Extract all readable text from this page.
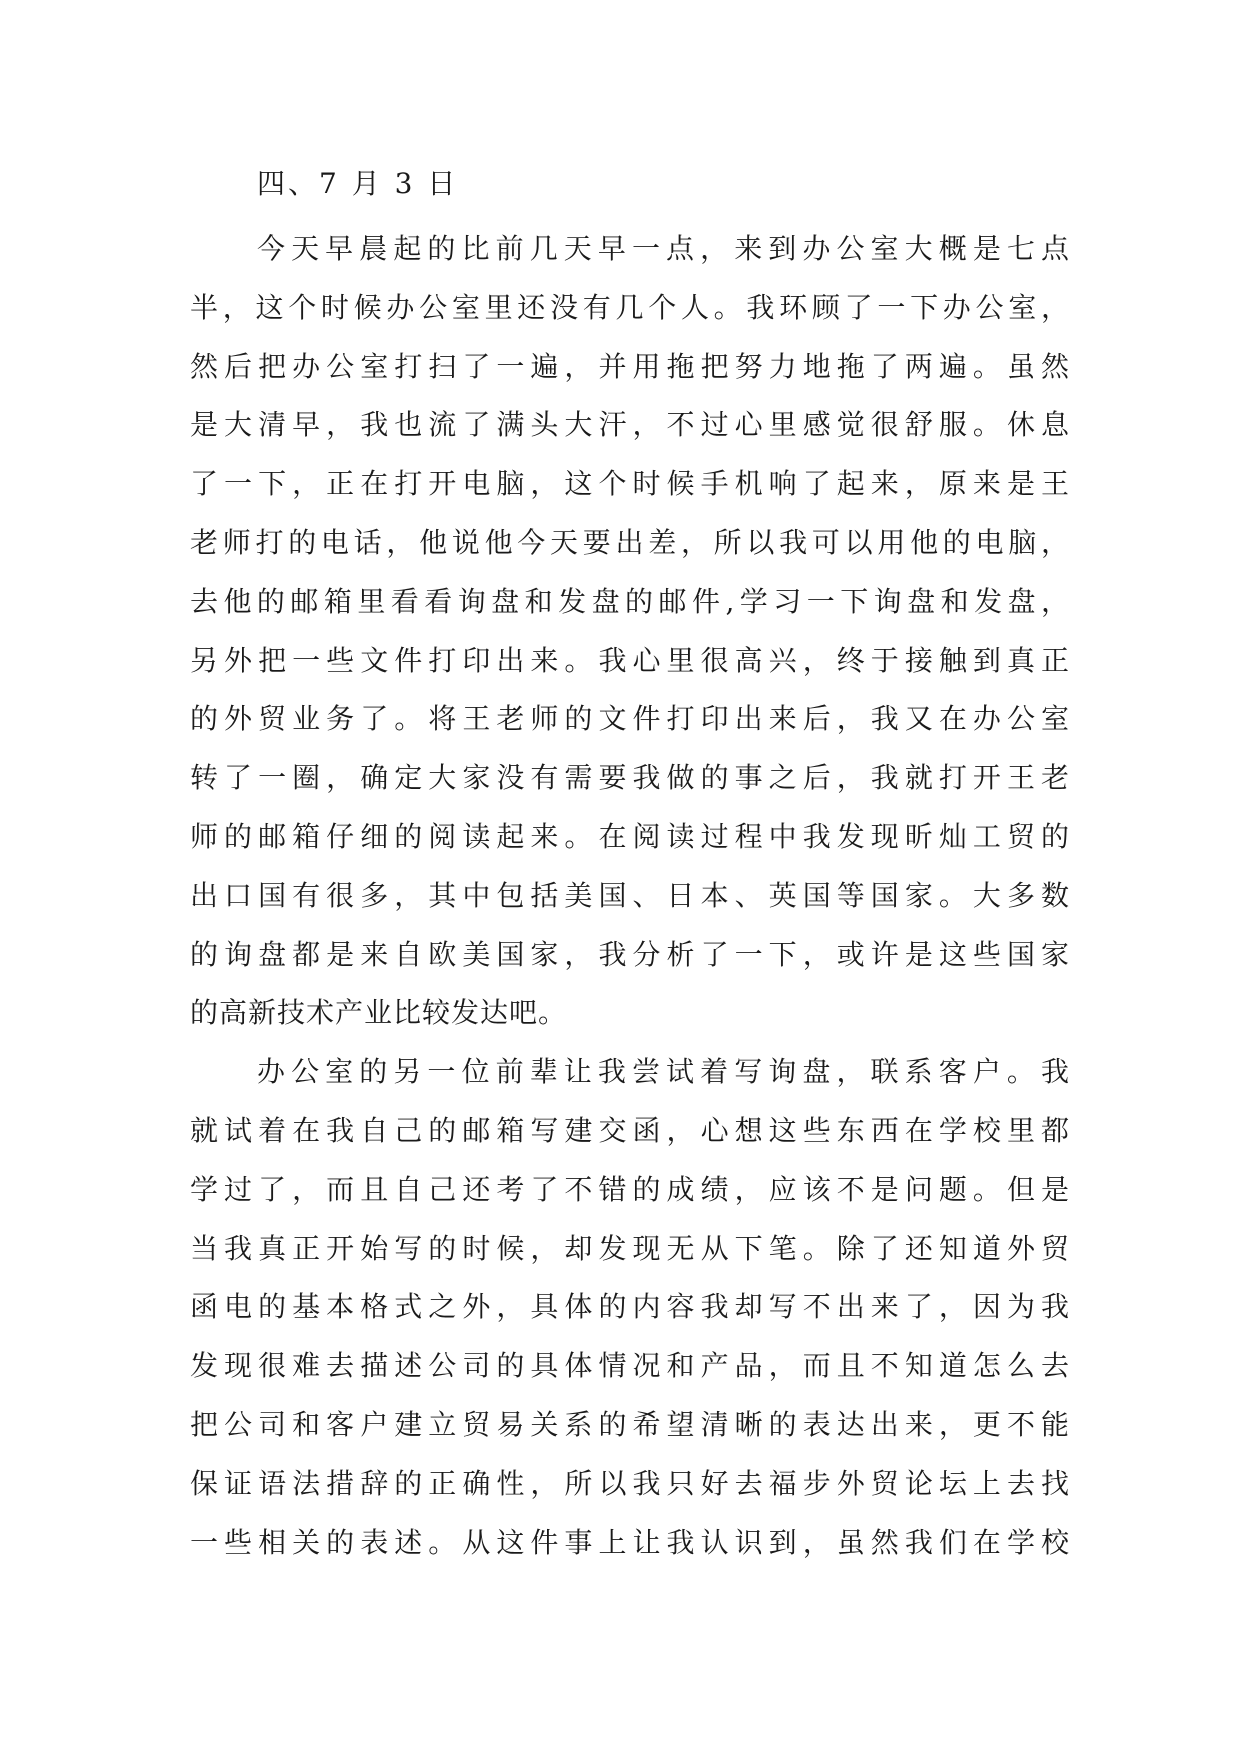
四、7 月 3 日
今天早晨起的比前几天早一点，来到办公室大概是七点
半，这个时候办公室里还没有几个人。我环顾了一下办公室，
然后把办公室打扫了一遍，并用拖把努力地拖了两遍。虽然
是大清早，我也流了满头大汗，不过心里感觉很舒服。休息
了一下，正在打开电脑，这个时候手机响了起来，原来是王
老师打的电话，他说他今天要出差，所以我可以用他的电脑，
去他的邮箱里看看询盘和发盘的邮件,学习一下询盘和发盘，
另外把一些文件打印出来。我心里很高兴，终于接触到真正
的外贸业务了。将王老师的文件打印出来后，我又在办公室
转了一圈，确定大家没有需要我做的事之后，我就打开王老
师的邮箱仔细的阅读起来。在阅读过程中我发现昕灿工贸的
出口国有很多，其中包括美国、日本、英国等国家。大多数
的询盘都是来自欧美国家，我分析了一下，或许是这些国家
的高新技术产业比较发达吧。
办公室的另一位前辈让我尝试着写询盘，联系客户。我
就试着在我自己的邮箱写建交函，心想这些东西在学校里都
学过了，而且自己还考了不错的成绩，应该不是问题。但是
当我真正开始写的时候，却发现无从下笔。除了还知道外贸
函电的基本格式之外，具体的内容我却写不出来了，因为我
发现很难去描述公司的具体情况和产品，而且不知道怎么去
把公司和客户建立贸易关系的希望清晰的表达出来，更不能
保证语法措辞的正确性，所以我只好去福步外贸论坛上去找
一些相关的表述。从这件事上让我认识到，虽然我们在学校
